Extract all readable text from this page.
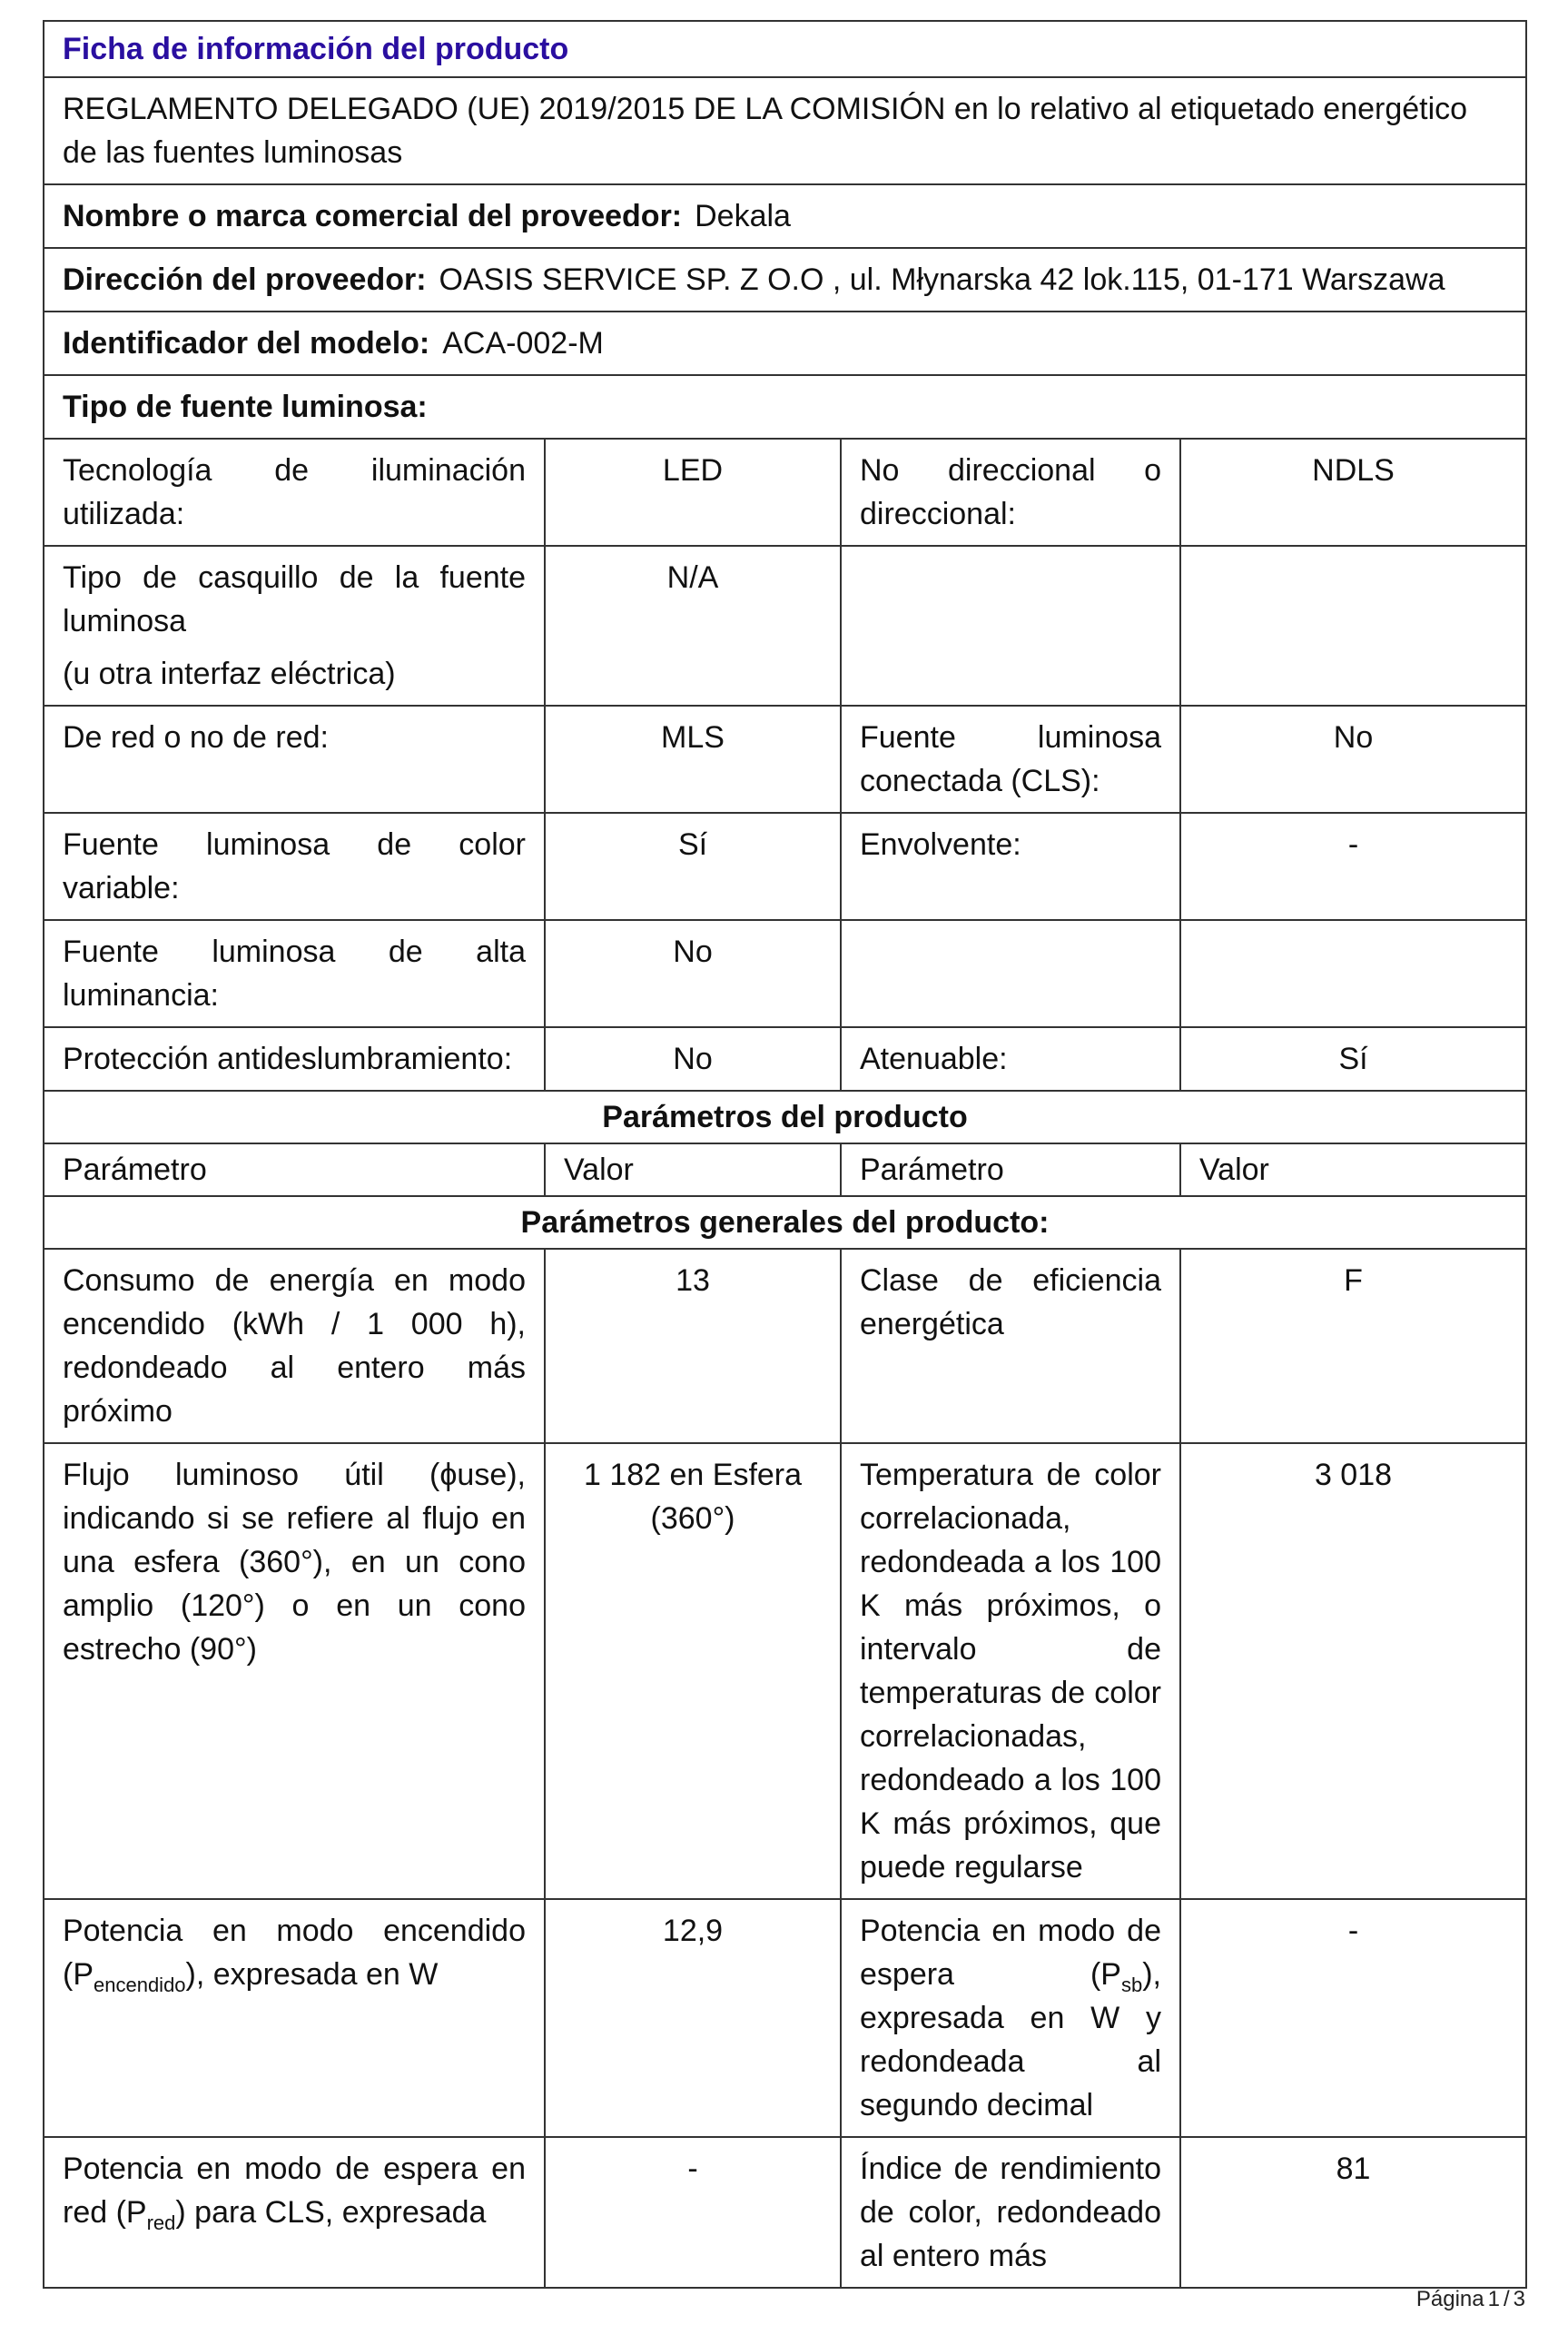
Ficha de información del producto			
REGLAMENTO DELEGADO (UE) 2019/2015 DE LA COMISIÓN en lo relativo al etiquetado energético de las fuentes luminosas			
Nombre o marca comercial del proveedor: Dekala			
Dirección del proveedor: OASIS SERVICE SP. Z O.O , ul. Młynarska 42 lok.115, 01-171 Warszawa			
Identificador del modelo: ACA-002-M			
Tipo de fuente luminosa:			
Tecnología de iluminación utilizada:	LED	No direccional o direccional:	NDLS

Tipo de casquillo de la fuente luminosa
(u otra interfaz eléctrica)	N/A		
De red o no de red:	MLS	Fuente luminosa conectada (CLS):	No
Fuente luminosa de color variable:	Sí	Envolvente:	-
Fuente luminosa de alta luminancia:	No		
Protección antideslumbramiento:	No	Atenuable:	Sí
Parámetros del producto			
Parámetro	Valor	Parámetro	Valor
Parámetros generales del producto:			
Consumo de energía en modo encendido (kWh / 1 000 h), redondeado al entero más próximo	13	Clase de eficiencia energética	F
Flujo luminoso útil (ϕuse), indicando si se refiere al flujo en una esfera (360°), en un cono amplio (120°) o en un cono estrecho (90°)	1 182 en Esfera (360°)	Temperatura de color correlacionada, redondeada a los 100 K más próximos, o intervalo de temperaturas de color correlacionadas, redondeado a los 100 K más próximos, que puede regularse	3 018
Potencia en modo encendido $(P_{encendido})$, expresada en W	12,9	Potencia en modo de espera $(P_{sb})$, expresada en W y redondeada al segundo decimal	-
Potencia en modo de espera en red $(P_{red})$ para CLS, expresada	-	Índice de rendimiento de color, redondeado al entero más	81
Página 1 / 3
